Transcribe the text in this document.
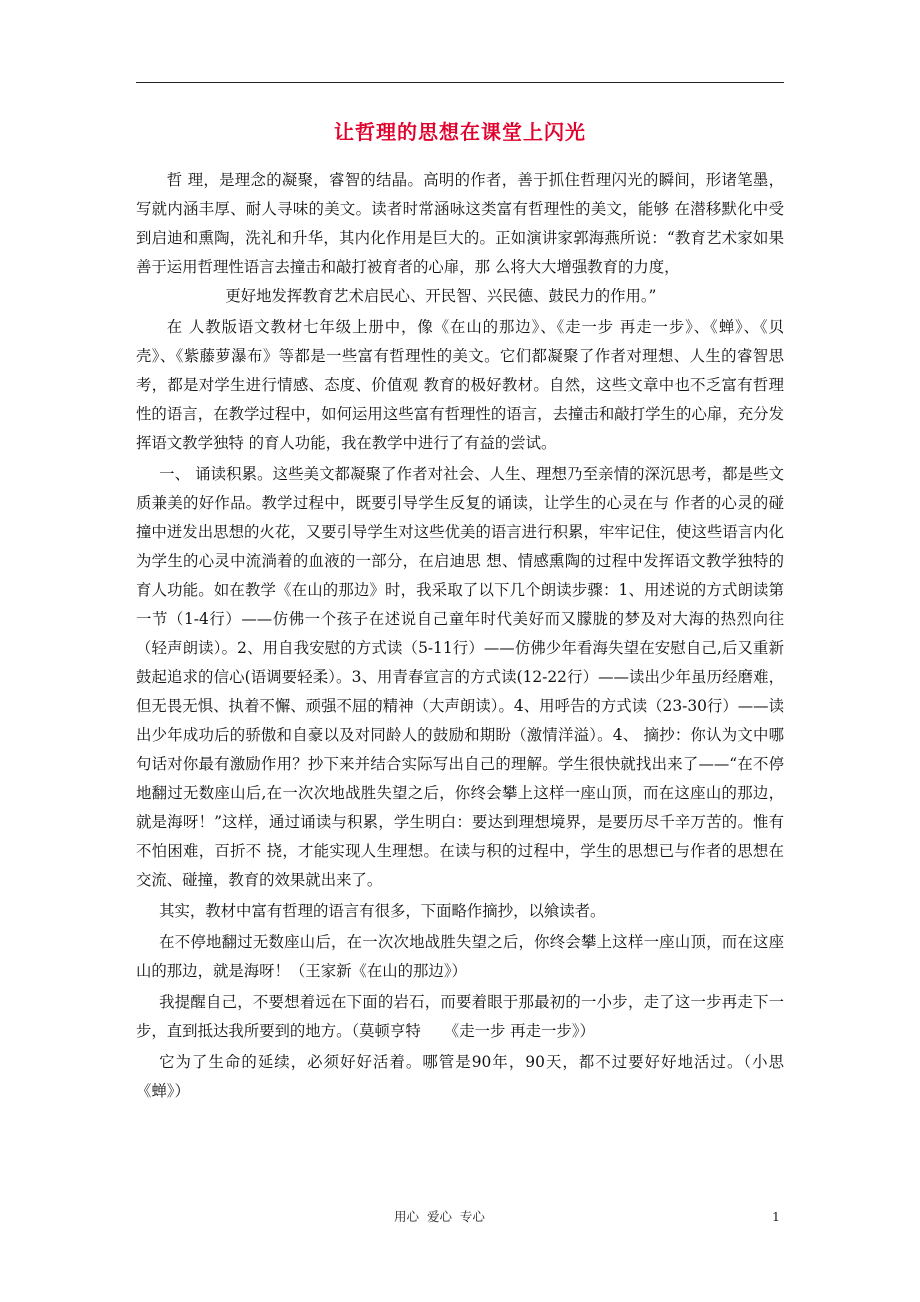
让哲理的思想在课堂上闪光

哲 理，是理念的凝聚，睿智的结晶。高明的作者，善于抓住哲理闪光的瞬间，形诸笔墨，写就内涵丰厚、耐人寻味的美文。读者时常涵咏这类富有哲理性的美文，能够 在潜移默化中受到启迪和熏陶，洗礼和升华，其内化作用是巨大的。正如演讲家郭海燕所说：“教育艺术家如果善于运用哲理性语言去撞击和敲打被育者的心扉，那 么将大大增强教育的力度，

更好地发挥教育艺术启民心、开民智、兴民德、鼓民力的作用。”

在 人教版语文教材七年级上册中，像《在山的那边》、《走一步 再走一步》、《蝉》、《贝壳》、《紫藤萝瀑布》等都是一些富有哲理性的美文。它们都凝聚了作者对理想、人生的睿智思考，都是对学生进行情感、态度、价值观 教育的极好教材。自然，这些文章中也不乏富有哲理性的语言，在教学过程中，如何运用这些富有哲理性的语言，去撞击和敲打学生的心扉，充分发挥语文教学独特 的育人功能，我在教学中进行了有益的尝试。

一、 诵读积累。这些美文都凝聚了作者对社会、人生、理想乃至亲情的深沉思考，都是些文质兼美的好作品。教学过程中，既要引导学生反复的诵读，让学生的心灵在与 作者的心灵的碰撞中迸发出思想的火花，又要引导学生对这些优美的语言进行积累，牢牢记住，使这些语言内化为学生的心灵中流淌着的血液的一部分，在启迪思 想、情感熏陶的过程中发挥语文教学独特的育人功能。如在教学《在山的那边》时，我采取了以下几个朗读步骤：1、用述说的方式朗读第一节（1-4行）——仿佛一个孩子在述说自己童年时代美好而又朦胧的梦及对大海的热烈向往（轻声朗读）。2、用自我安慰的方式读（5-11行）——仿佛少年看海失望在安慰自己,后又重新鼓起追求的信心(语调要轻柔）。3、用青春宣言的方式读(12-22行）——读出少年虽历经磨难，但无畏无惧、执着不懈、顽强不屈的精神（大声朗读）。4、用呼告的方式读（23-30行）——读出少年成功后的骄傲和自豪以及对同龄人的鼓励和期盼（激情洋溢）。4、 摘抄：你认为文中哪句话对你最有激励作用？抄下来并结合实际写出自己的理解。学生很快就找出来了——“在不停地翻过无数座山后,在一次次地战胜失望之后，你终会攀上这样一座山顶，而在这座山的那边，就是海呀！”这样，通过诵读与积累，学生明白：要达到理想境界，是要历尽千辛万苦的。惟有不怕困难，百折不 挠，才能实现人生理想。在读与积的过程中，学生的思想已与作者的思想在交流、碰撞，教育的效果就出来了。

其实，教材中富有哲理的语言有很多，下面略作摘抄，以飨读者。

在不停地翻过无数座山后，在一次次地战胜失望之后，你终会攀上这样一座山顶，而在这座山的那边，就是海呀！（王家新《在山的那边》）

我提醒自己，不要想着远在下面的岩石，而要着眼于那最初的一小步，走了这一步再走下一步，直到抵达我所要到的地方。（莫顿亨特　　《走一步 再走一步》）

它为了生命的延续，必须好好活着。哪管是90年，90天，都不过要好好地活过。（小思《蝉》）

用心  爱心  专心	1
